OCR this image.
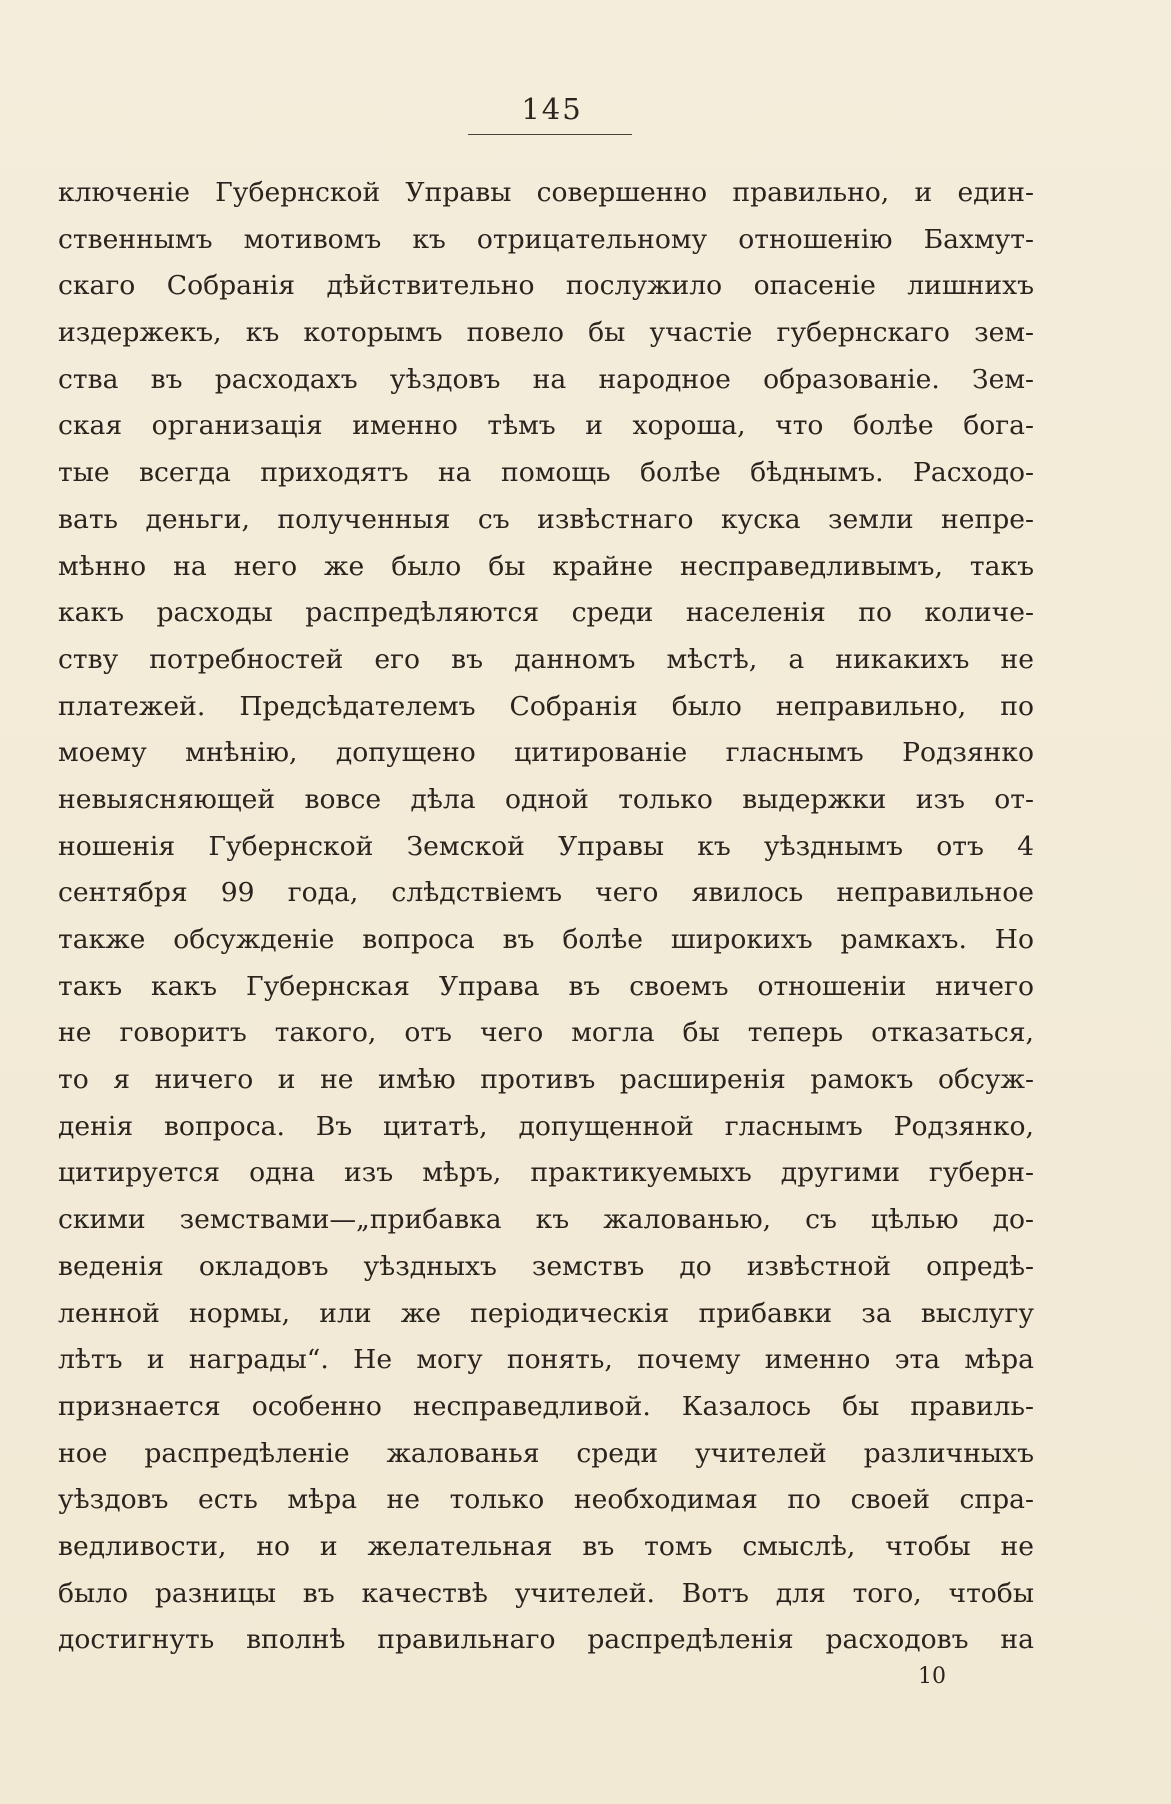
145
ключеніе Губернской Управы совершенно правильно, и един-
ственнымъ мотивомъ къ отрицательному отношенію Бахмут-
скаго Собранія дѣйствительно послужило опасеніе лишнихъ
издержекъ, къ которымъ повело бы участіе губернскаго зем-
ства въ расходахъ уѣздовъ на народное образованіе. Зем-
ская организація именно тѣмъ и хороша, что болѣе бога-
тые всегда приходятъ на помощь болѣе бѣднымъ. Расходо-
вать деньги, полученныя съ извѣстнаго куска земли непре-
мѣнно на него же было бы крайне несправедливымъ, такъ
какъ расходы распредѣляются среди населенія по количе-
ству потребностей его въ данномъ мѣстѣ, а никакихъ не
платежей. Предсѣдателемъ Собранія было неправильно, по
моему мнѣнію, допущено цитированіе гласнымъ Родзянко
невыясняющей вовсе дѣла одной только выдержки изъ от-
ношенія Губернской Земской Управы къ уѣзднымъ отъ 4
сентября 99 года, слѣдствіемъ чего явилось неправильное
также обсужденіе вопроса въ болѣе широкихъ рамкахъ. Но
такъ какъ Губернская Управа въ своемъ отношеніи ничего
не говоритъ такого, отъ чего могла бы теперь отказаться,
то я ничего и не имѣю противъ расширенія рамокъ обсуж-
денія вопроса. Въ цитатѣ, допущенной гласнымъ Родзянко,
цитируется одна изъ мѣръ, практикуемыхъ другими губерн-
скими земствами—„прибавка къ жалованью, съ цѣлью до-
веденія окладовъ уѣздныхъ земствъ до извѣстной опредѣ-
ленной нормы, или же періодическія прибавки за выслугу
лѣтъ и награды“. Не могу понять, почему именно эта мѣра
признается особенно несправедливой. Казалось бы правиль-
ное распредѣленіе жалованья среди учителей различныхъ
уѣздовъ есть мѣра не только необходимая по своей спра-
ведливости, но и желательная въ томъ смыслѣ, чтобы не
было разницы въ качествѣ учителей. Вотъ для того, чтобы
достигнуть вполнѣ правильнаго распредѣленія расходовъ на
10
